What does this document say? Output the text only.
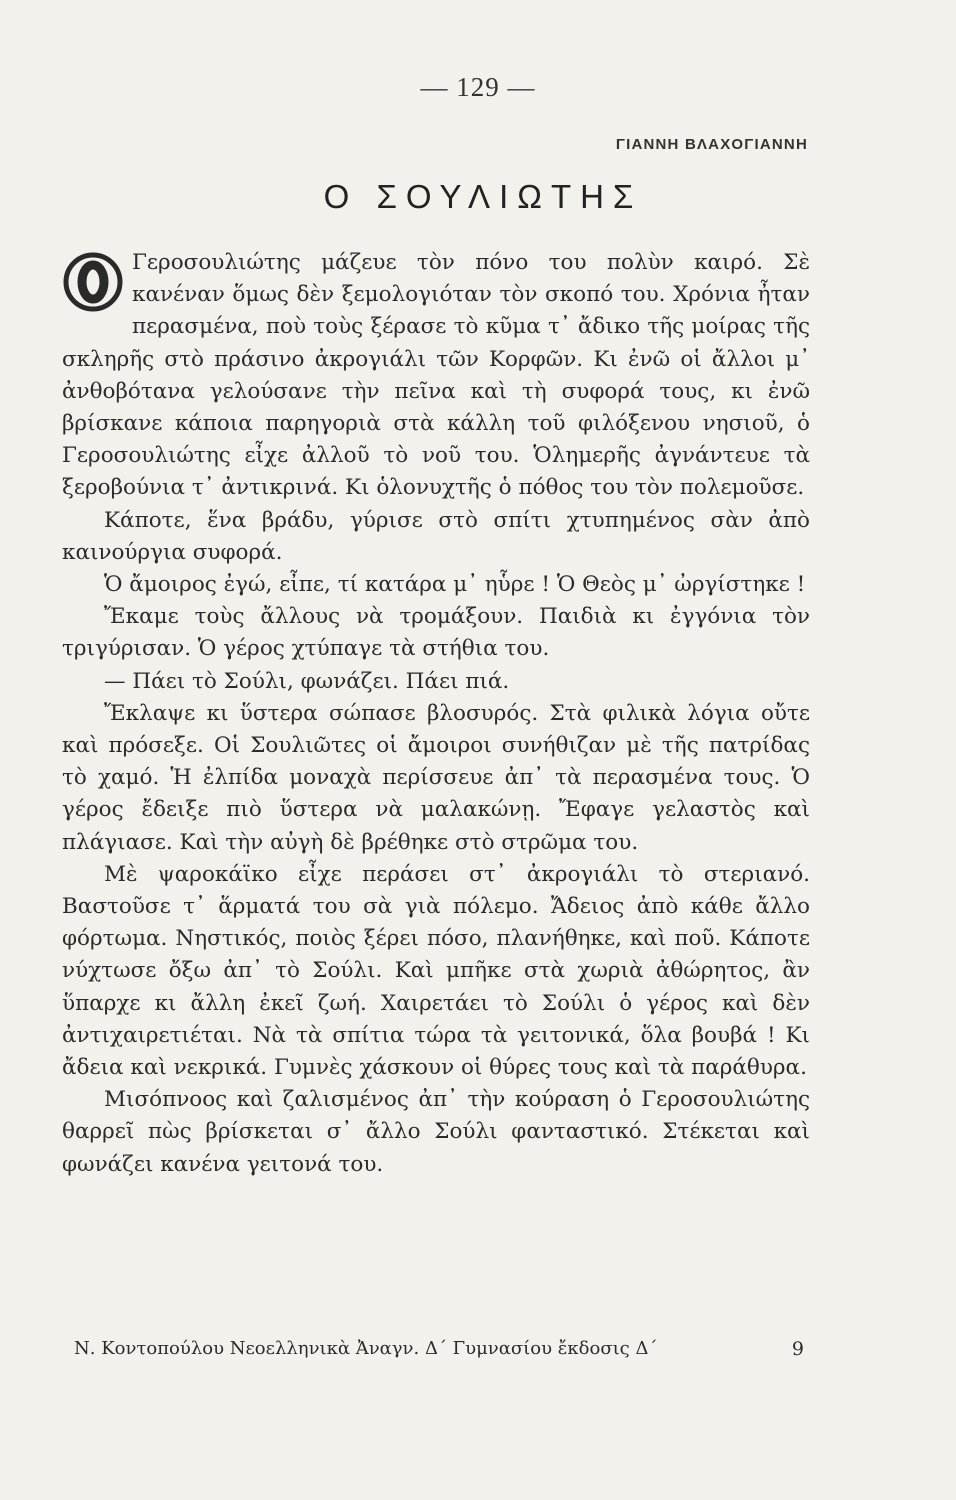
— 129 —
ΓΙΑΝΝΗ ΒΛΑΧΟΓΙΑΝΝΗ
Ο ΣΟΥΛΙΩΤΗΣ

Γεροσουλιώτης μάζευε τὸν πόνο του πολὺν καιρό. Σὲ κανέναν ὅμως δὲν ξεμολογιόταν τὸν σκοπό του. Χρόνια ἦταν περασμένα, ποὺ τοὺς ξέρασε τὸ κῦμα τ᾿ ἄδικο τῆς μοίρας τῆς σκληρῆς στὸ πράσινο ἀκρογιάλι τῶν Κορφῶν. Κι ἐνῶ οἱ ἄλλοι μ᾿ ἀνθοβότανα γελούσανε τὴν πεῖνα καὶ τὴ συφορά τους, κι ἐνῶ βρίσκανε κάποια παρηγοριὰ στὰ κάλλη τοῦ φιλόξενου νησιοῦ, ὁ Γεροσουλιώτης εἶχε ἀλλοῦ τὸ νοῦ του. Ὁλημερῆς ἀγνάντευε τὰ ξεροβούνια τ᾿ ἀντικρινά. Κι ὁλονυχτῆς ὁ πόθος του τὸν πολεμοῦσε.

Κάποτε, ἕνα βράδυ, γύρισε στὸ σπίτι χτυπημένος σὰν ἀπὸ καινούργια συφορά.

Ὁ ἄμοιρος ἐγώ, εἶπε, τί κατάρα μ᾿ ηὗρε ! Ὁ Θεὸς μ᾿ ὠργίστηκε !

Ἔκαμε τοὺς ἄλλους νὰ τρομάξουν. Παιδιὰ κι ἐγγόνια τὸν τριγύρισαν. Ὁ γέρος χτύπαγε τὰ στήθια του.

— Πάει τὸ Σούλι, φωνάζει. Πάει πιά.

Ἔκλαψε κι ὕστερα σώπασε βλοσυρός. Στὰ φιλικὰ λόγια οὔτε καὶ πρόσεξε. Οἱ Σουλιῶτες οἱ ἄμοιροι συνήθιζαν μὲ τῆς πατρίδας τὸ χαμό. Ἡ ἐλπίδα μοναχὰ περίσσευε ἀπ᾿ τὰ περασμένα τους. Ὁ γέρος ἔδειξε πιὸ ὕστερα νὰ μαλακώνῃ. Ἔφαγε γελαστὸς καὶ πλάγιασε. Καὶ τὴν αὐγὴ δὲ βρέθηκε στὸ στρῶμα του.

Μὲ ψαροκάϊκο εἶχε περάσει στ᾿ ἀκρογιάλι τὸ στεριανό. Βαστοῦσε τ᾿ ἅρματά του σὰ γιὰ πόλεμο. Ἄδειος ἀπὸ κάθε ἄλλο φόρτωμα. Νηστικός, ποιὸς ξέρει πόσο, πλανήθηκε, καὶ ποῦ. Κάποτε νύχτωσε ὄξω ἀπ᾿ τὸ Σούλι. Καὶ μπῆκε στὰ χωριὰ ἀθώρητος, ἂν ὕπαρχε κι ἄλλη ἐκεῖ ζωή. Χαιρετάει τὸ Σούλι ὁ γέρος καὶ δὲν ἀντιχαιρετιέται. Νὰ τὰ σπίτια τώρα τὰ γειτονικά, ὅλα βουβά ! Κι ἄδεια καὶ νεκρικά. Γυμνὲς χάσκουν οἱ θύρες τους καὶ τὰ παράθυρα.

Μισόπνοος καὶ ζαλισμένος ἀπ᾿ τὴν κούραση ὁ Γεροσουλιώτης θαρρεῖ πὼς βρίσκεται σ᾿ ἄλλο Σούλι φανταστικό. Στέκεται καὶ φωνάζει κανένα γειτονά του.

Ν. Κοντοπούλου Νεοελληνικὰ Ἀναγν. Δ΄ Γυμνασίου ἔκδοσις Δ΄	9
